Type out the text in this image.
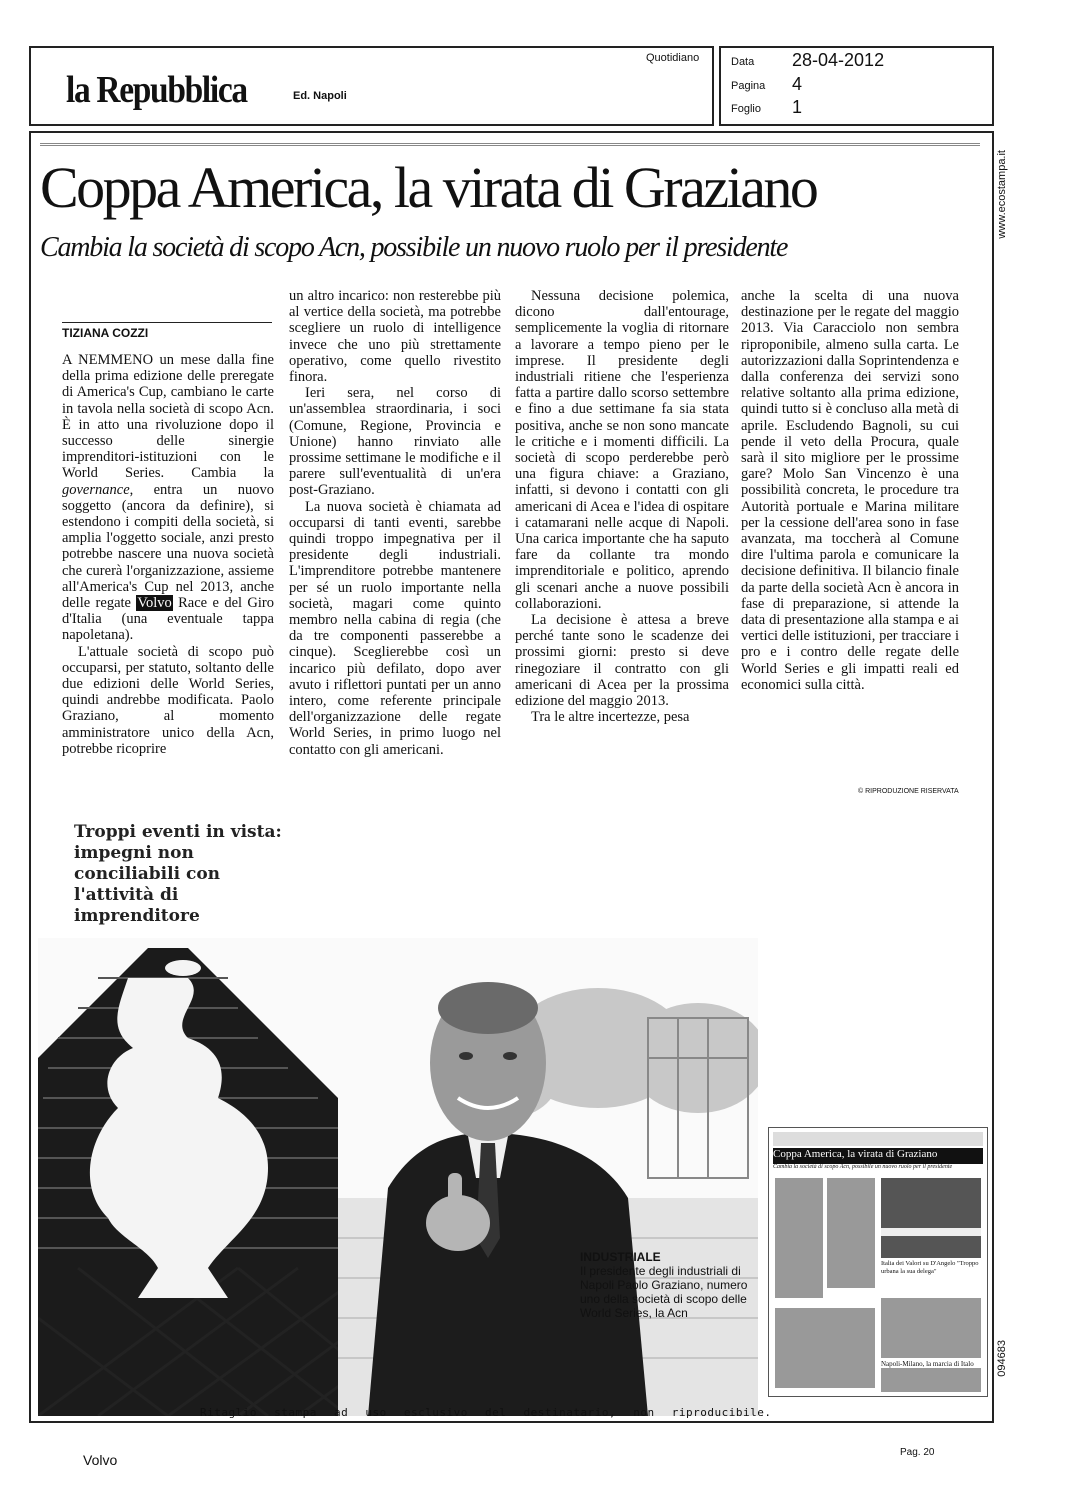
la Repubblica	Ed. Napoli
Quotidiano	Data 28-04-2012
Pagina 4
Foglio 1
www.ecostampa.it
094683
Coppa America, la virata di Graziano
Cambia la società di scopo Acn, possibile un nuovo ruolo per il presidente
TIZIANA COZZI

A NEMMENO un mese dalla fine della prima edizione delle preregate di America's Cup, cambiano le carte in tavola nella società di scopo Acn. È in atto una rivoluzione dopo il successo delle sinergie imprenditori-istituzioni con le World Series. Cambia la governance, entra un nuovo soggetto (ancora da definire), si estendono i compiti della società, si amplia l'oggetto sociale, anzi presto potrebbe nascere una nuova società che curerà l'organizzazione, assieme all'America's Cup nel 2013, anche delle regate Volvo Race e del Giro d'Italia (una eventuale tappa napoletana).

L'attuale società di scopo può occuparsi, per statuto, soltanto delle due edizioni delle World Series, quindi andrebbe modificata. Paolo Graziano, al momento amministratore unico della Acn, potrebbe ricoprire

un altro incarico: non resterebbe più al vertice della società, ma potrebbe scegliere un ruolo di intelligence invece che uno più strettamente operativo, come quello rivestito finora.

Ieri sera, nel corso di un'assemblea straordinaria, i soci (Comune, Regione, Provincia e Unione) hanno rinviato alle prossime settimane le modifiche e il parere sull'eventualità di un'era post-Graziano.

La nuova società è chiamata ad occuparsi di tanti eventi, sarebbe quindi troppo impegnativa per il presidente degli industriali. L'imprenditore potrebbe mantenere per sé un ruolo importante nella società, magari come quinto membro nella cabina di regia (che da tre componenti passerebbe a cinque). Sceglierebbe così un incarico più defilato, dopo aver avuto i riflettori puntati per un anno intero, come referente principale dell'organizzazione delle regate World Series, in primo luogo nel contatto con gli americani.

Nessuna decisione polemica, dicono dall'entourage, semplicemente la voglia di ritornare a lavorare a tempo pieno per le imprese. Il presidente degli industriali ritiene che l'esperienza fatta a partire dallo scorso settembre e fino a due settimane fa sia stata positiva, anche se non sono mancate le critiche e i momenti difficili. La società di scopo perderebbe però una figura chiave: a Graziano, infatti, si devono i contatti con gli americani di Acea e l'idea di ospitare i catamarani nelle acque di Napoli. Una carica importante che ha saputo fare da collante tra mondo imprenditoriale e politico, aprendo gli scenari anche a nuove possibili collaborazioni.

La decisione è attesa a breve perché tante sono le scadenze dei prossimi giorni: presto si deve rinegoziare il contratto con gli americani di Acea per la prossima edizione del maggio 2013.

Tra le altre incertezze, pesa

anche la scelta di una nuova destinazione per le regate del maggio 2013. Via Caracciolo non sembra riproponibile, almeno sulla carta. Le autorizzazioni dalla Soprintendenza e dalla conferenza dei servizi sono relative soltanto alla prima edizione, quindi tutto si è concluso alla metà di aprile. Escludendo Bagnoli, su cui pende il veto della Procura, quale sarà il sito migliore per le prossime gare? Molo San Vincenzo è una possibilità concreta, le procedure tra Autorità portuale e Marina militare per la cessione dell'area sono in fase avanzata, ma toccherà al Comune dire l'ultima parola e comunicare la decisione definitiva. Il bilancio finale da parte della società Acn è ancora in fase di preparazione, si attende la data di presentazione alla stampa e ai vertici delle istituzioni, per tracciare i pro e i contro delle regate delle World Series e gli impatti reali ed economici sulla città.

© RIPRODUZIONE RISERVATA
Troppi eventi in vista: impegni non conciliabili con l'attività di imprenditore
INDUSTRIALE
Il presidente degli industriali di Napoli Paolo Graziano, numero uno della società di scopo delle World Series, la Acn
Coppa America, la virata di Graziano
Cambia la società di scopo Acn, possibile un nuovo ruolo per il presidente
Italia dei Valori su D'Angelo "Troppo urbana la sua delega"
Napoli-Milano, la marcia di Italo
Ritaglio stampa ad uso esclusivo del destinatario, non riproducibile.
Volvo	Pag. 20
